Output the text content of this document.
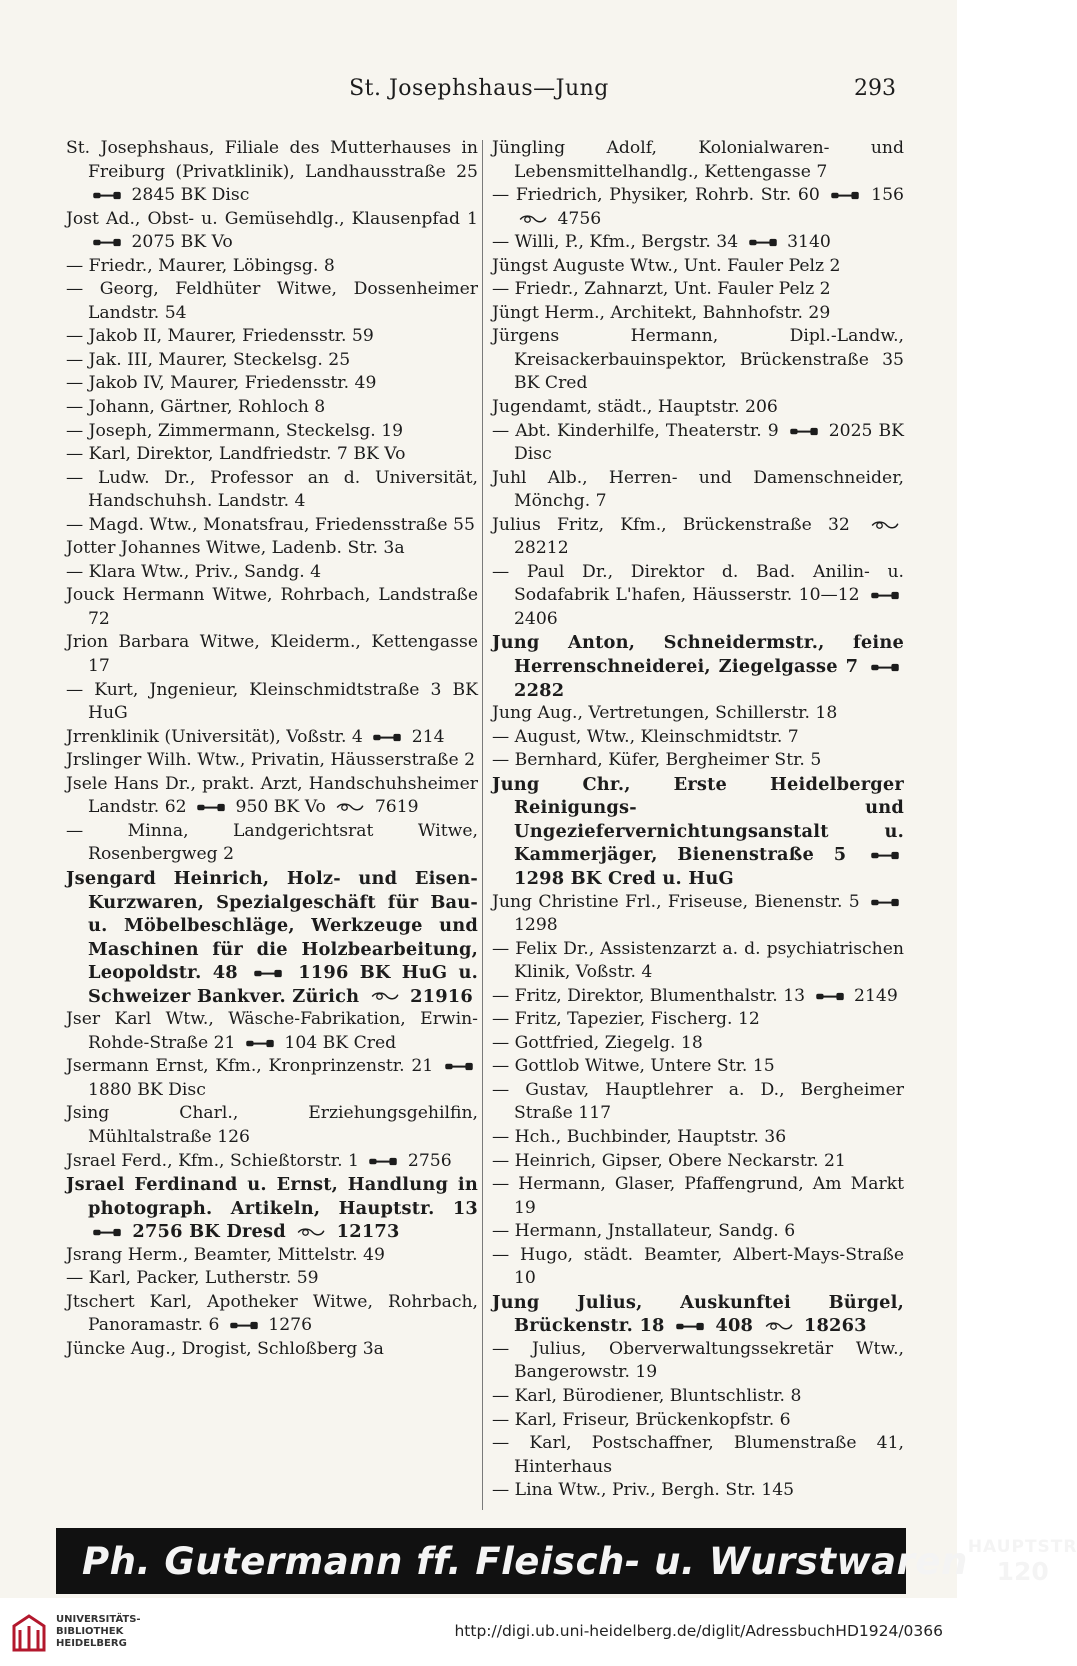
St. Josephshaus—Jung	293
St. Josephshaus, Filiale des Mutterhauses in Freiburg (Privatklinik), Landhausstraße 25  2845 BK Disc
Jost Ad., Obst- u. Gemüsehdlg., Klausenpfad 1  2075 BK Vo
— Friedr., Maurer, Löbingsg. 8
— Georg, Feldhüter Witwe, Dossenheimer Landstr. 54
— Jakob II, Maurer, Friedensstr. 59
— Jak. III, Maurer, Steckelsg. 25
— Jakob IV, Maurer, Friedensstr. 49
— Johann, Gärtner, Rohloch 8
— Joseph, Zimmermann, Steckelsg. 19
— Karl, Direktor, Landfriedstr. 7 BK Vo
— Ludw. Dr., Professor an d. Universität, Handschuhsh. Landstr. 4
— Magd. Wtw., Monatsfrau, Friedensstraße 55
Jotter Johannes Witwe, Ladenb. Str. 3a
— Klara Wtw., Priv., Sandg. 4
Jouck Hermann Witwe, Rohrbach, Landstraße 72
Jrion Barbara Witwe, Kleiderm., Kettengasse 17
— Kurt, Jngenieur, Kleinschmidtstraße 3 BK HuG
Jrrenklinik (Universität), Voßstr. 4  214
Jrslinger Wilh. Wtw., Privatin, Häusserstraße 2
Jsele Hans Dr., prakt. Arzt, Handschuhsheimer Landstr. 62  950 BK Vo  7619
— Minna, Landgerichtsrat Witwe, Rosenbergweg 2
Jsengard Heinrich, Holz- und Eisen-Kurzwaren, Spezialgeschäft für Bau- u. Möbelbeschläge, Werkzeuge und Maschinen für die Holzbearbeitung, Leopoldstr. 48  1196 BK HuG u. Schweizer Bankver. Zürich  21916
Jser Karl Wtw., Wäsche-Fabrikation, Erwin-Rohde-Straße 21  104 BK Cred
Jsermann Ernst, Kfm., Kronprinzenstr. 21  1880 BK Disc
Jsing Charl., Erziehungsgehilfin, Mühltalstraße 126
Jsrael Ferd., Kfm., Schießtorstr. 1  2756
Jsrael Ferdinand u. Ernst, Handlung in photograph. Artikeln, Hauptstr. 13  2756 BK Dresd  12173
Jsrang Herm., Beamter, Mittelstr. 49
— Karl, Packer, Lutherstr. 59
Jtschert Karl, Apotheker Witwe, Rohrbach, Panoramastr. 6  1276
Jüncke Aug., Drogist, Schloßberg 3a
Jüngling Adolf, Kolonialwaren- und Lebensmittelhandlg., Kettengasse 7
— Friedrich, Physiker, Rohrb. Str. 60  156  4756
— Willi, P., Kfm., Bergstr. 34  3140
Jüngst Auguste Wtw., Unt. Fauler Pelz 2
— Friedr., Zahnarzt, Unt. Fauler Pelz 2
Jüngt Herm., Architekt, Bahnhofstr. 29
Jürgens Hermann, Dipl.-Landw., Kreisackerbauinspektor, Brückenstraße 35 BK Cred
Jugendamt, städt., Hauptstr. 206
— Abt. Kinderhilfe, Theaterstr. 9  2025 BK Disc
Juhl Alb., Herren- und Damenschneider, Mönchg. 7
Julius Fritz, Kfm., Brückenstraße 32  28212
— Paul Dr., Direktor d. Bad. Anilin- u. Sodafabrik L'hafen, Häusserstr. 10—12  2406
Jung Anton, Schneidermstr., feine Herrenschneiderei, Ziegelgasse 7  2282
Jung Aug., Vertretungen, Schillerstr. 18
— August, Wtw., Kleinschmidtstr. 7
— Bernhard, Küfer, Bergheimer Str. 5
Jung Chr., Erste Heidelberger Reinigungs- und Ungeziefervernichtungsanstalt u. Kammerjäger, Bienenstraße 5  1298 BK Cred u. HuG
Jung Christine Frl., Friseuse, Bienenstr. 5  1298
— Felix Dr., Assistenzarzt a. d. psychiatrischen Klinik, Voßstr. 4
— Fritz, Direktor, Blumenthalstr. 13  2149
— Fritz, Tapezier, Fischerg. 12
— Gottfried, Ziegelg. 18
— Gottlob Witwe, Untere Str. 15
— Gustav, Hauptlehrer a. D., Bergheimer Straße 117
— Hch., Buchbinder, Hauptstr. 36
— Heinrich, Gipser, Obere Neckarstr. 21
— Hermann, Glaser, Pfaffengrund, Am Markt 19
— Hermann, Jnstallateur, Sandg. 6
— Hugo, städt. Beamter, Albert-Mays-Straße 10
Jung Julius, Auskunftei Bürgel, Brückenstr. 18  408  18263
— Julius, Oberverwaltungssekretär Wtw., Bangerowstr. 19
— Karl, Bürodiener, Bluntschlistr. 8
— Karl, Friseur, Brückenkopfstr. 6
— Karl, Postschaffner, Blumenstraße 41, Hinterhaus
— Lina Wtw., Priv., Bergh. Str. 145
Ph. Gutermann ff. Fleisch- u. Wurstwaren HAUPTSTR
120
UNIVERSITÄTS-
BIBLIOTHEK
HEIDELBERG
http://digi.ub.uni-heidelberg.de/diglit/AdressbuchHD1924/0366
